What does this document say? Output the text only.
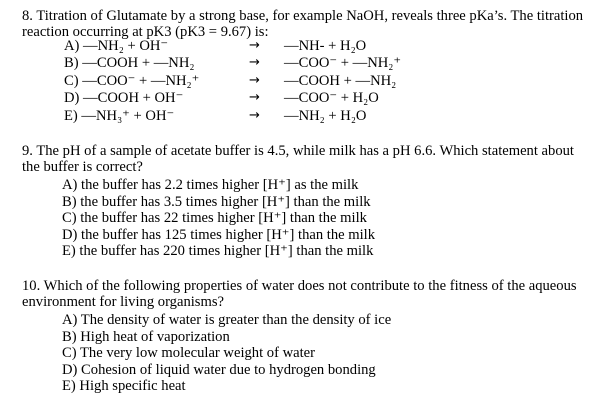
8. Titration of Glutamate by a strong base, for example NaOH, reveals three pKa’s. The titration
reaction occurring at pK3 (pK3 = 9.67) is:
A) —NH₂ + OH⁻	→ —NH- + H₂O
B) —COOH + —NH₂	→ —COO⁻ + —NH₂⁺
C) —COO⁻ + —NH₂⁺	→ —COOH + —NH₂
D) —COOH + OH⁻	→ —COO⁻ + H₂O
E) —NH₃⁺ + OH⁻	→ —NH₂ + H₂O
9. The pH of a sample of acetate buffer is 4.5, while milk has a pH 6.6. Which statement about
the buffer is correct?
A) the buffer has 2.2 times higher [H⁺] as the milk
B) the buffer has 3.5 times higher [H⁺] than the milk
C) the buffer has 22 times higher [H⁺] than the milk
D) the buffer has 125 times higher [H⁺] than the milk
E) the buffer has 220 times higher [H⁺] than the milk
10. Which of the following properties of water does not contribute to the fitness of the aqueous
environment for living organisms?
A) The density of water is greater than the density of ice
B) High heat of vaporization
C) The very low molecular weight of water
D) Cohesion of liquid water due to hydrogen bonding
E) High specific heat
